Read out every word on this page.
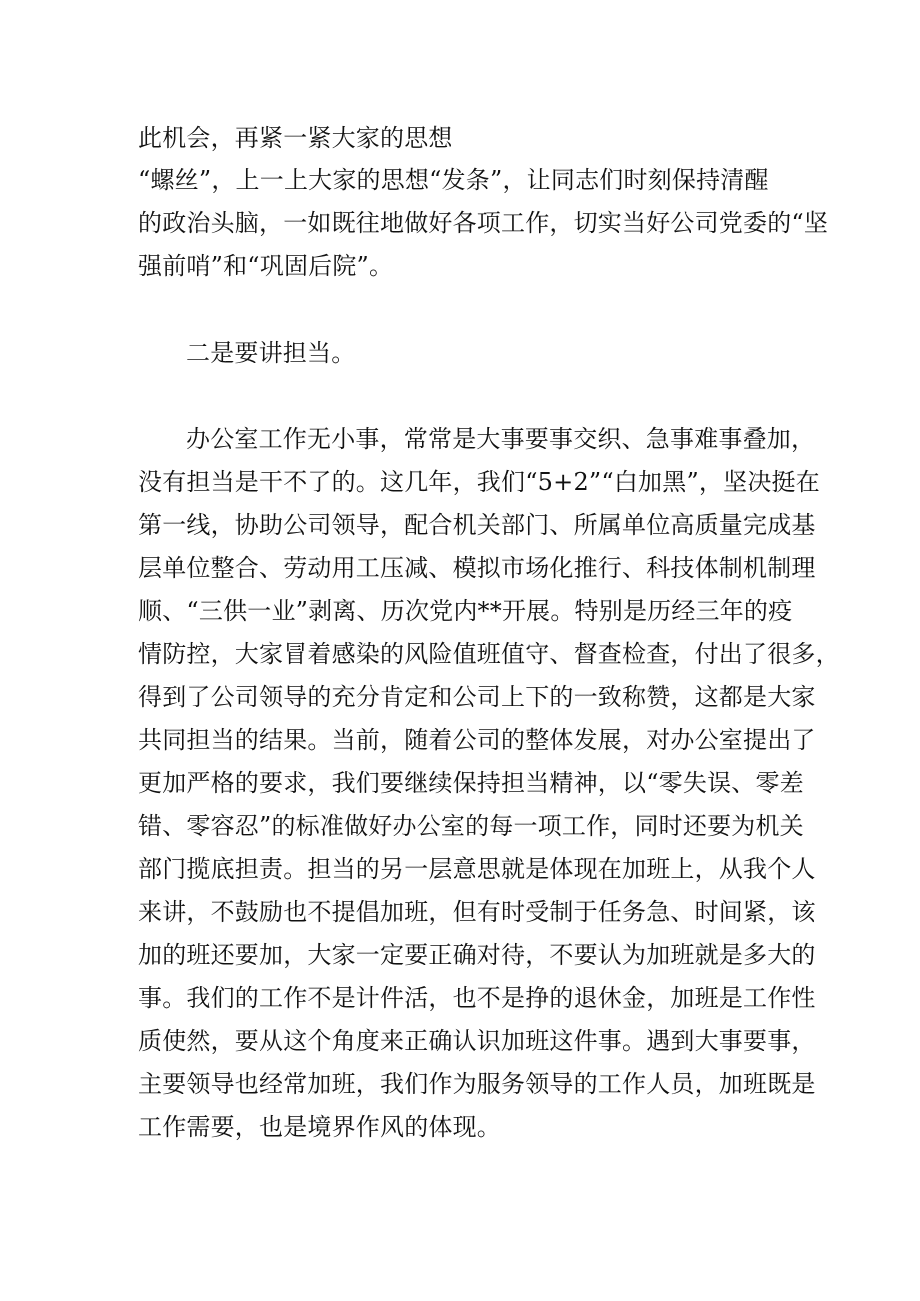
此机会，再紧一紧大家的思想
“螺丝”，上一上大家的思想“发条”，让同志们时刻保持清醒
的政治头脑，一如既往地做好各项工作，切实当好公司党委的“坚
强前哨”和“巩固后院”。
二是要讲担当。
办公室工作无小事，常常是大事要事交织、急事难事叠加，
没有担当是干不了的。这几年，我们“5+2”“白加黑”，坚决挺在
第一线，协助公司领导，配合机关部门、所属单位高质量完成基
层单位整合、劳动用工压减、模拟市场化推行、科技体制机制理
顺、“三供一业”剥离、历次党内**开展。特别是历经三年的疫
情防控，大家冒着感染的风险值班值守、督查检查，付出了很多，
得到了公司领导的充分肯定和公司上下的一致称赞，这都是大家
共同担当的结果。当前，随着公司的整体发展，对办公室提出了
更加严格的要求，我们要继续保持担当精神，以“零失误、零差
错、零容忍”的标准做好办公室的每一项工作，同时还要为机关
部门揽底担责。担当的另一层意思就是体现在加班上，从我个人
来讲，不鼓励也不提倡加班，但有时受制于任务急、时间紧，该
加的班还要加，大家一定要正确对待，不要认为加班就是多大的
事。我们的工作不是计件活，也不是挣的退休金，加班是工作性
质使然，要从这个角度来正确认识加班这件事。遇到大事要事，
主要领导也经常加班，我们作为服务领导的工作人员，加班既是
工作需要，也是境界作风的体现。
